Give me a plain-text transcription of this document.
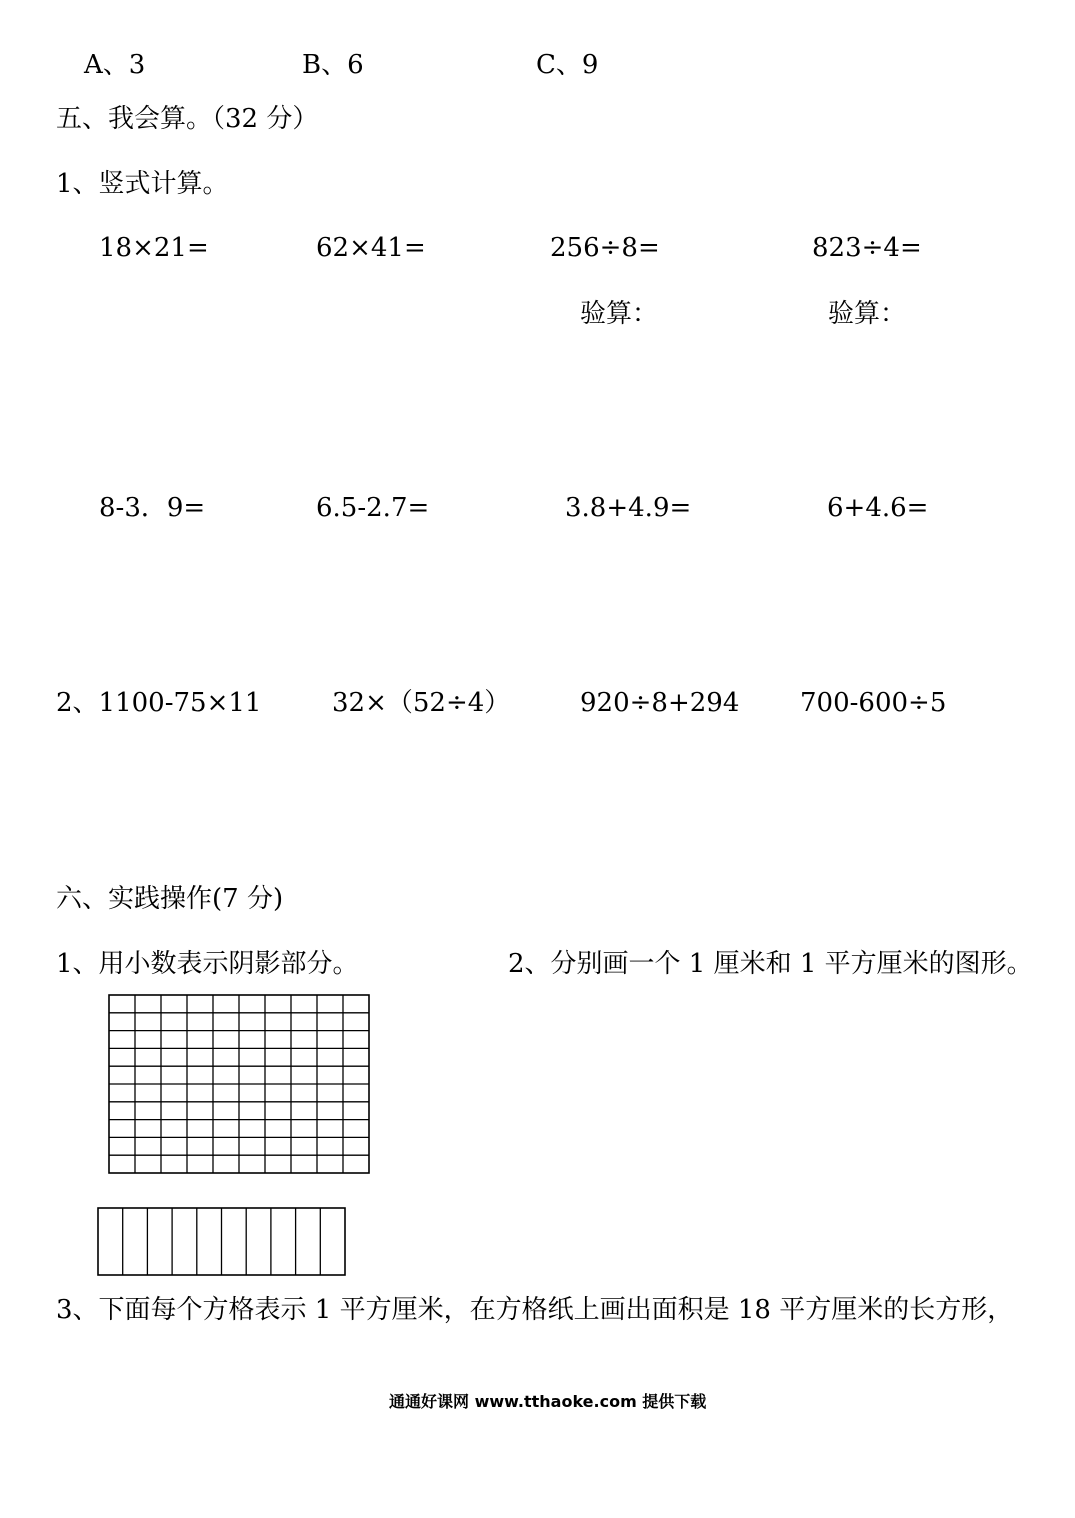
A、3	B、6	C、9
五、我会算。（32 分）
1、竖式计算。
18×21=	62×41=	256÷8=	823÷4=
验算：	验算：
8-3．9=	6.5-2.7=	3.8+4.9=	6+4.6=
2、1100-75×11	32×（52÷4）	920÷8+294 700-600÷5
六、实践操作(7 分)
1、用小数表示阴影部分。	2、分别画一个 1 厘米和 1 平方厘米的图形。
3、下面每个方格表示 1 平方厘米，在方格纸上画出面积是 18 平方厘米的长方形，
通通好课网 www.tthaoke.com 提供下载
